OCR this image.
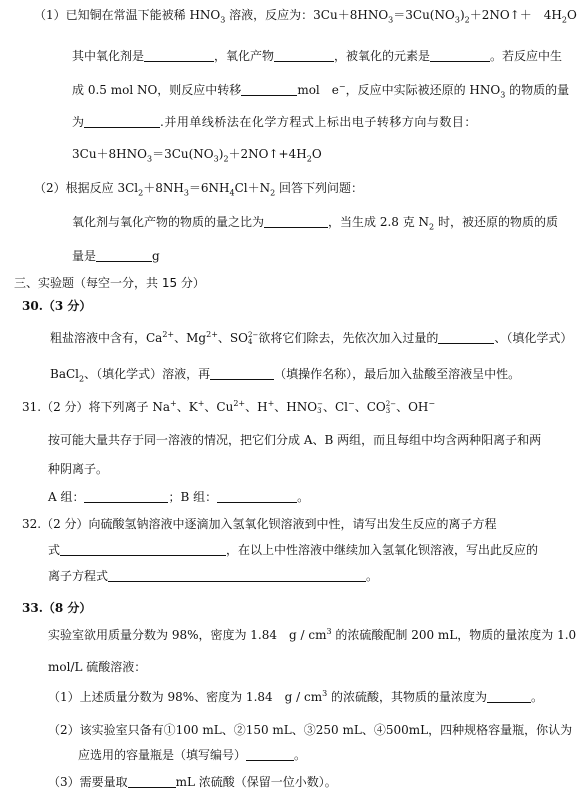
（1）已知铜在常温下能被稀 $HNO_3$ 溶液，反应为：$3Cu+8HNO_3=3Cu(NO_3)_2+2NO↑+$　$4H_2O$
其中氧化剂是	，氧化产物	，被氧化的元素是	。若反应中生
成 0.5 mol NO，则反应中转移	mol　e−，反应中实际被还原的 $HNO_3$ 的物质的量
为	.并用单线桥法在化学方程式上标出电子转移方向与数目：
$3Cu+8HNO_3=3Cu(NO_3)_2+2NO↑+4H_2O$
（2）根据反应 $3Cl_2+8NH_3=6NH_4Cl+N_2$ 回答下列问题：
氧化剂与氧化产物的物质的量之比为	，当生成 2.8 克 $N_2$ 时，被还原的物质的质
量是	g
三、实验题（每空一分，共 15 分）
30.（3 分）
粗盐溶液中含有，$Ca^{2+}$、$Mg^{2+}$、SO 2−
4 欲将它们除去，先依次加入过量的	、（填化学式）
BaCl$_2$、（填化学式）溶液，再	（填操作名称），最后加入盐酸至溶液呈中性。
31.（2 分）将下列离子 Na+、K+、$Cu^{2+}$、H+、HNO −
3 、Cl−、CO 2−
3 、OH−
按可能大量共存于同一溶液的情况，把它们分成 A、B 两组，而且每组中均含两种阳离子和两
种阴离子。
A 组：	；B 组：	。
32.（2 分）向硫酸氢钠溶液中逐滴加入氢氧化钡溶液到中性，请写出发生反应的离子方程
式	，在以上中性溶液中继续加入氢氧化钡溶液，写出此反应的
离子方程式	。
33.（8 分）
实验室欲用质量分数为 98%，密度为 1.84　g / $cm^3$ 的浓硫酸配制 200 mL，物质的量浓度为 1.0
mol/L 硫酸溶液：
（1）上述质量分数为 98%、密度为 1.84　g / $cm^3$ 的浓硫酸，其物质的量浓度为	。
（2）该实验室只备有①100 mL、②150 mL、③250 mL、④500mL，四种规格容量瓶，你认为
应选用的容量瓶是（填写编号）	。
（3）需要量取	mL 浓硫酸（保留一位小数）。
